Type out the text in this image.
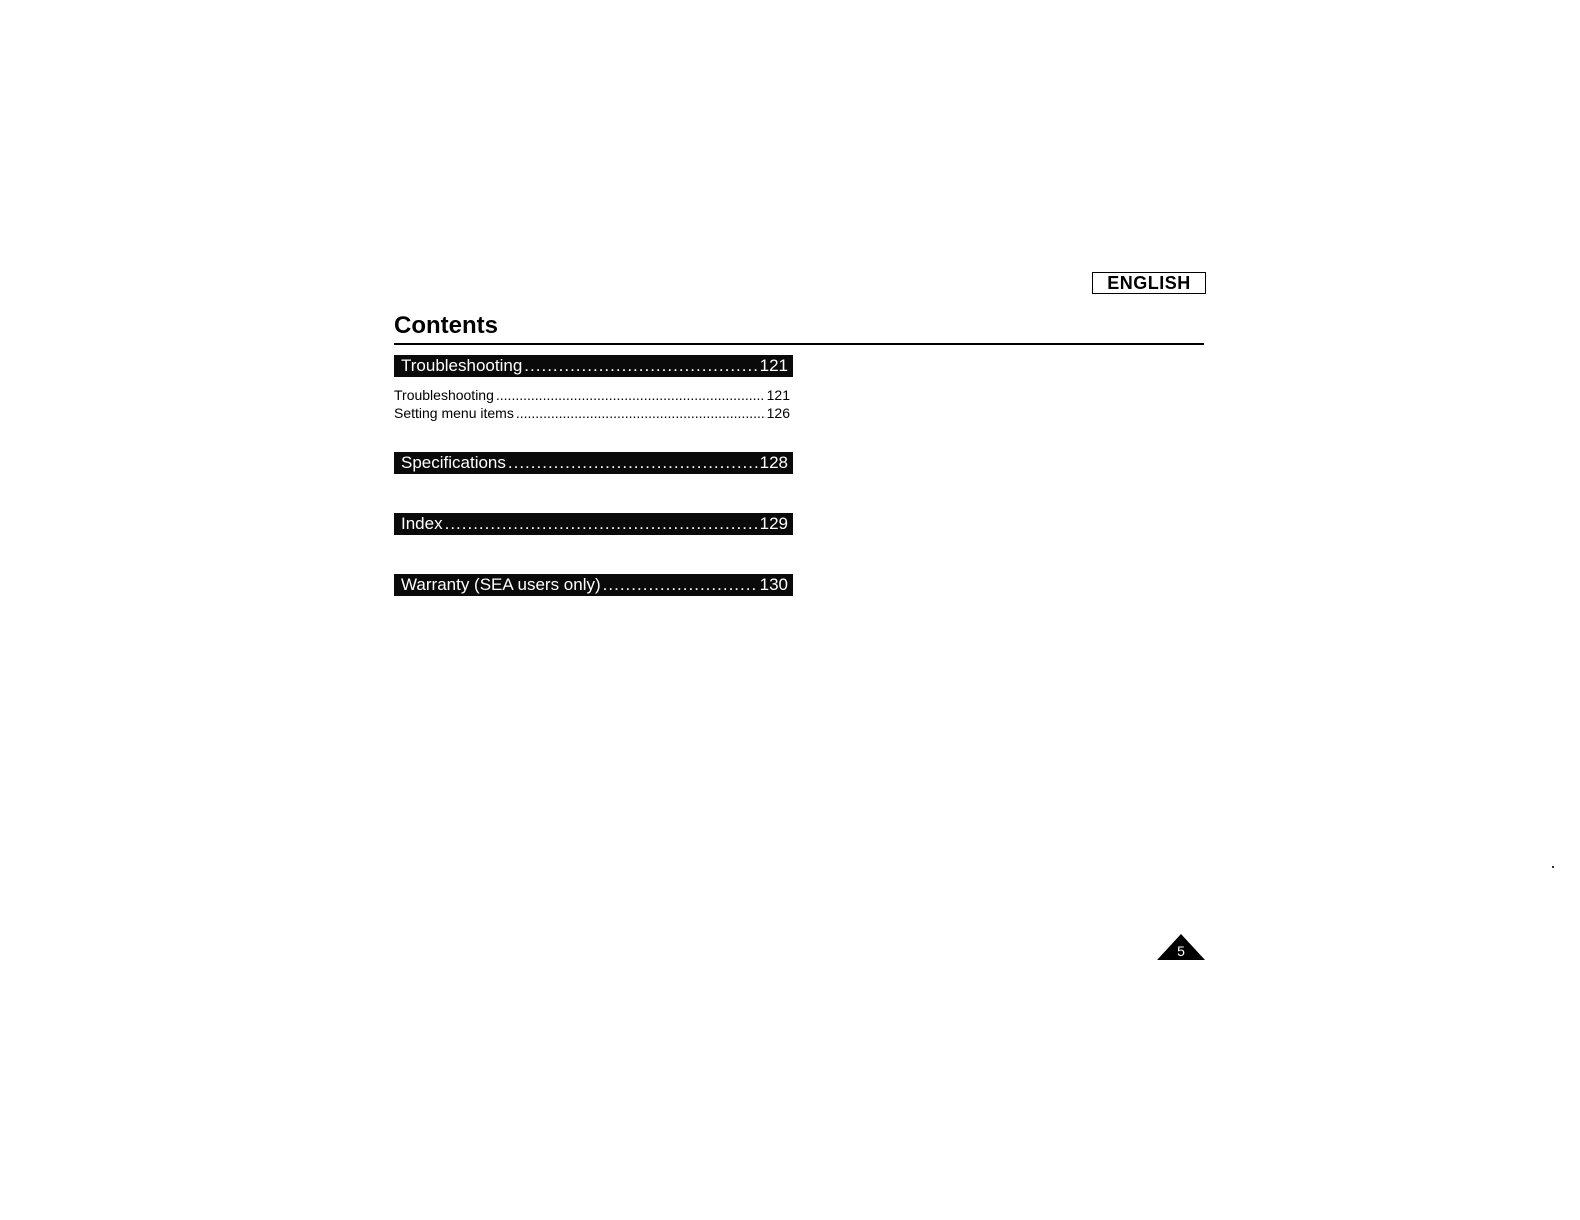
ENGLISH
Contents
Troubleshooting .....	121
Troubleshooting .....	121
Setting menu items .....	126
Specifications .....	128
Index .....	129
Warranty (SEA users only) .....	130
5
